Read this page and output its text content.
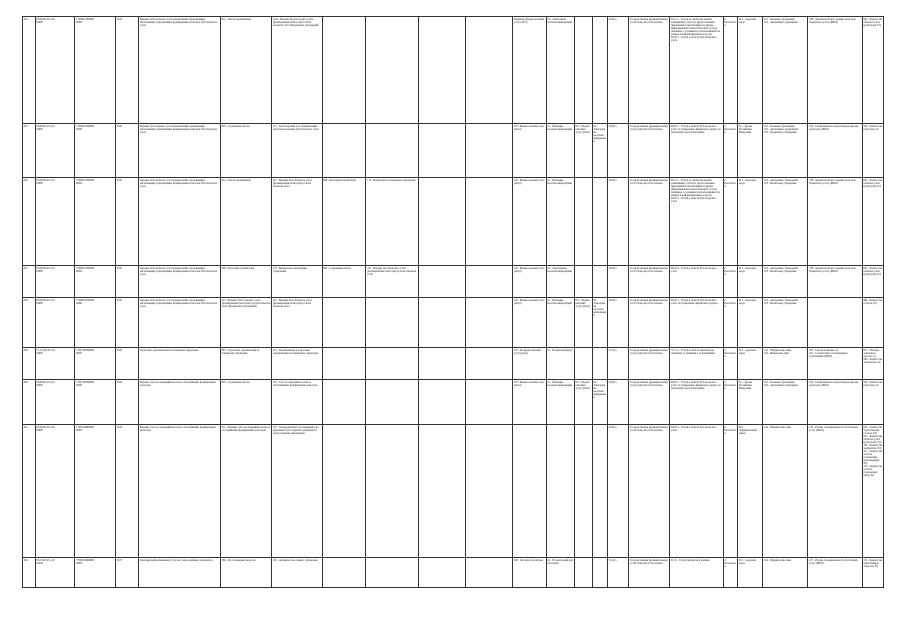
654	03Д5О.П.45.1.02
02000	77000012300000
00033	0232	Ведение бухгалтерского учета бюджетными учреждениями, автономными учреждениями, формирование регистров бухгалтерского учета	014 - Тексты нормативный	3214 - Ведение бухгалтерского учета (формирование регистров) по всем объектам учета (Бюджетных учреждений)					Первично (формы оказания услуг работ)	22 - Электронная носители информации			Работа	Государственная (муниципальная) услуга или работа бесплатная	63.11.1 - Услуги по обработке данных, размещению услуги по предоставлению приложений и прочей инфраструктуры информационно-технологической; услуги, связанные с созданием и использованием баз данных и информационных ресурсов;
69.20.2 - Услуги в области бухгалтерского учета	2 - Бесплатная	012 - городской округ	011 - Казенные учреждения;
012 - Автономные учреждения	708 - Документооборот, ведение регистров бюджетного учета, [PROJ]	023 - Количество объектов учета (регистров), ЕД
655	03Д5О.П.45.1.02
02000	77000012500000
02001	0232	Ведение бухгалтерского учета бюджетными учреждениями, автономными учреждениями, формирование регистров бухгалтерского учета	009 - Содержание работы	351 - Бухгалтерский учет, формирование регистров и ведение бухгалтерского учета					105 - Формы оказания услуг (работ)	21 - Бумажные носители информации	015 - Формы оказания услуг (работ)	22 - Электронные носители информации	Работа	Государственная (муниципальная) услуга или работа бесплатная	69.20.1 - Услуги в области бухгалтерского учета, по проведению финансового аудита, по налоговому консультированию	2 - Бесплатная	01 - субъект Российской Федерации	011 - Казенные учреждения;
012 - Автономные учреждения;
013 - Бюджетные учреждения	814 - Своевременное и качественное ведение регистров, [PROJ]	249 - Количество регистров, шт
656	03Д5О.П.45.1.02
03000	77000013700000
00031	0232	Ведение бухгалтерского учета бюджетными учреждениями, автономными учреждениями, формирование регистров бухгалтерского учета	014 - Тексты нормативный	315 - Ведение бухгалтерского учета (формирование регистров) по всем объектам учета	008 - Категория потребителей	170 - Бюджетные и автономные учреждения			105 - Формы оказания услуг (работ)	21 - Бумажные носители информации			Работа	Государственная (муниципальная) услуга или работа бесплатная	63.11.1 - Услуги по обработке данных, размещению услуги по предоставлению приложений и прочей инфраструктуры информационно-технологической; услуги, связанные с созданием и использованием баз данных и информационных ресурсов;
69.20.2 - Услуги в области бухгалтерского учета	2 - Бесплатная	012 - городской округ	012 - Автономные учреждения;
013 - Бюджетные учреждения	708 - Документооборот, ведение регистров бюджетного учета, [PROJ]	023 - Количество объектов учета (регистров), ЕД
657	03Д5О.П.45.1.02
03000	77000013700000
00031	0232	Ведение бухгалтерского учета бюджетными учреждениями, автономными учреждениями, формирование регистров бухгалтерского учета	008 - Категория потребителей	170 - Бюджетные и автономные учреждения	009 - Содержание работы	315 - Ведение бухгалтерского учета (формирование регистров) по всем объектам учета			105 - Формы оказания услуг (работ)	22 - Электронные носители информации			Работа	Государственная (муниципальная) услуга или работа бесплатная	69.20.2 - Услуги в области бухгалтерского учета	2 - Бесплатная	012 - городской округ	012 - Автономные учреждения;
013 - Бюджетные учреждения	708 - Документооборот, ведение регистров бюджетного учета, [PROJ]	023 - Количество объектов учета (регистров), ЕД
658	03Д5О.П.45.1.02
04000	77000014010000
02001	0232	Ведение бухгалтерского учета бюджетными учреждениями, автономными учреждениями, формирование регистров бухгалтерского учета	315 - Ведение бухгалтерского учета (формирование регистров) по всем объектам учета (Бюджетных учреждений)	401 - Ведение бухгалтерского учета (формирование регистров) по всем объектам учета					105 - Формы оказания услуг (работ)	21 - Бумажные носители информации	015 - Формы оказания услуг (работ)	22 - Электронные носители информации	Работа	Государственная (муниципальная) услуга или работа бесплатная	69.20.1 - Услуги в области бухгалтерского учета, по проведению финансового аудита...	2 - Бесплатная	012 - городской округ	012 - Автономные учреждения;
013 - Бюджетные учреждения		408 - Количество отчетов, ЕД
659	71.12.Д.П.45.1.02
02000	77007100200000
00031	0235	Подготовка документации по планировке территории	085 - Подготовка документации по планировке территории	912 - Формирование и подготовка документации по планировке территории					105 - По форме оказания услуг (работ)	15 - В плановой форме			Услуга	Государственная (муниципальная) услуга или работа бесплатная	71.11.2 - Услуги в области архитектуры, связанные со зданиями и сооружениями	2 - Бесплатная	012 - городской округ	014 - Юридические лица;
014 - Физические лица	070 - Срок исполнения, ед;
201 - Соответствие установленным требованиям, [PROJ]	027 - Площадь земельного участка, га;
090 - Количество документов, шт
660	03Д5О.П.45.1.02
05000	77007100200000
02001	0234	Ведение учета по операциям кассового обслуживания, формирование регистров	009 - Содержание работы	352 - Учет по операциям кассового обслуживания, формирование регистров					105 - Формы оказания услуг (работ)	21 - Бумажные носители информации	015 - Формы оказания услуг (работ)	22 - Электронные носители информации	Работа	Государственная (муниципальная) услуга или работа бесплатная	69.20.1 - Услуги в области бухгалтерского учета, по проведению финансового аудита, по налоговому консультированию	2 - Бесплатная	01 - субъект Российской Федерации	011 - Казенные учреждения;
012 - Автономные учреждения	814 - Своевременное и качественное ведение регистров, [PROJ]	249 - Количество регистров, шт
661	03Д5О.П.45.1.02
06000	77000138900000
00031	0234	Ведение учета по операциям кассового обслуживания, формирование регистров	351 - Ведение учета по операциям кассового обслуживания, формирование регистров	355 - Своевременный и достоверный учет первичных бухгалтерских документов и предоставление информации									Работа	Государственная (муниципальная) услуга или работа бесплатная	69.20.2 - Услуги в области бухгалтерского учета	2 - Бесплатная	001 - муниципальный район	014 - Юридические лица	128 - Разумн. (своевременность) бесплатных услуг, [PROJ]	036 - Количество бухгалтерских отчетов, ЕД;
025 - Количество объектов учета (регистров), ЕД;
109 - Количество документов, ЕД;
417 - Количество отчетов, подлежащих консолидации, ЕД;
124 - Количество отчетов, подлежащих вводу, ЕД
662	91.01Д.П.45.1.02
01000	77000134900000
00031	0237	Оказание информационных услуг на основе архивных документов	186 - По уточненным запросам	245 - Архивная база данных, справочные					160 - Частично бесплатная	42 - В электронной или текстовой			Услуга	Государственная (муниципальная) услуга или работа бесплатная	91.01 - Услуги библиотек и архивов	2 - Бесплатная	012 - городской округ	014 - Юридические лица	127 - Разумн. (своевременность) бесплатных услуг, [PROJ]	131 - Количество выполненных запросов, ЕД
